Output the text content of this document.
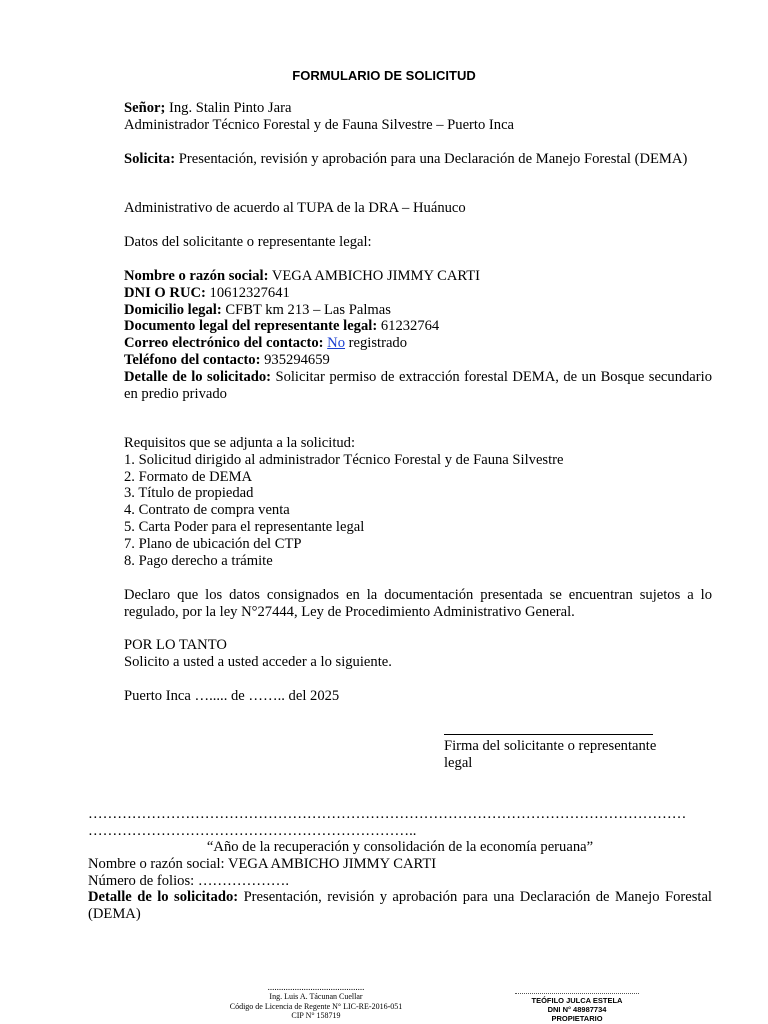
FORMULARIO DE SOLICITUD
Señor; Ing. Stalin Pinto Jara
Administrador Técnico Forestal y de Fauna Silvestre – Puerto Inca
Solicita: Presentación, revisión y aprobación para una Declaración de Manejo Forestal (DEMA)
Administrativo de acuerdo al TUPA de la DRA – Huánuco
Datos del solicitante o representante legal:
Nombre o razón social: VEGA AMBICHO JIMMY CARTI
DNI O RUC: 10612327641
Domicilio legal: CFBT km 213 – Las Palmas
Documento legal del representante legal: 61232764
Correo electrónico del contacto: No registrado
Teléfono del contacto: 935294659
Detalle de lo solicitado: Solicitar permiso de extracción forestal DEMA, de un Bosque secundario en predio privado
Requisitos que se adjunta a la solicitud:
1. Solicitud dirigido al administrador Técnico Forestal y de Fauna Silvestre
2. Formato de DEMA
3. Título de propiedad
4. Contrato de compra venta
5. Carta Poder para el representante legal
7. Plano de ubicación del CTP
8. Pago derecho a trámite
Declaro que los datos consignados en la documentación presentada se encuentran sujetos a lo regulado, por la ley N°27444, Ley de Procedimiento Administrativo General.
POR LO TANTO
Solicito a usted a usted acceder a lo siguiente.
Puerto Inca …..... de …….. del 2025
Firma del solicitante o representante legal
……………………………………………………………………………………………………………
…………………………………………………………..
“Año de la recuperación y consolidación de la economía peruana”
Nombre o razón social: VEGA AMBICHO JIMMY CARTI
Número de folios: ……………….
Detalle de lo solicitado: Presentación, revisión y aprobación para una Declaración de Manejo Forestal (DEMA)
...........................................
Ing. Luis A. Tácunan Cuellar
Código de Licencia de Regente N° LIC-RE-2016-051
CIP N° 158719
TEÓFILO JULCA ESTELA
DNI N° 48987734
PROPIETARIO
